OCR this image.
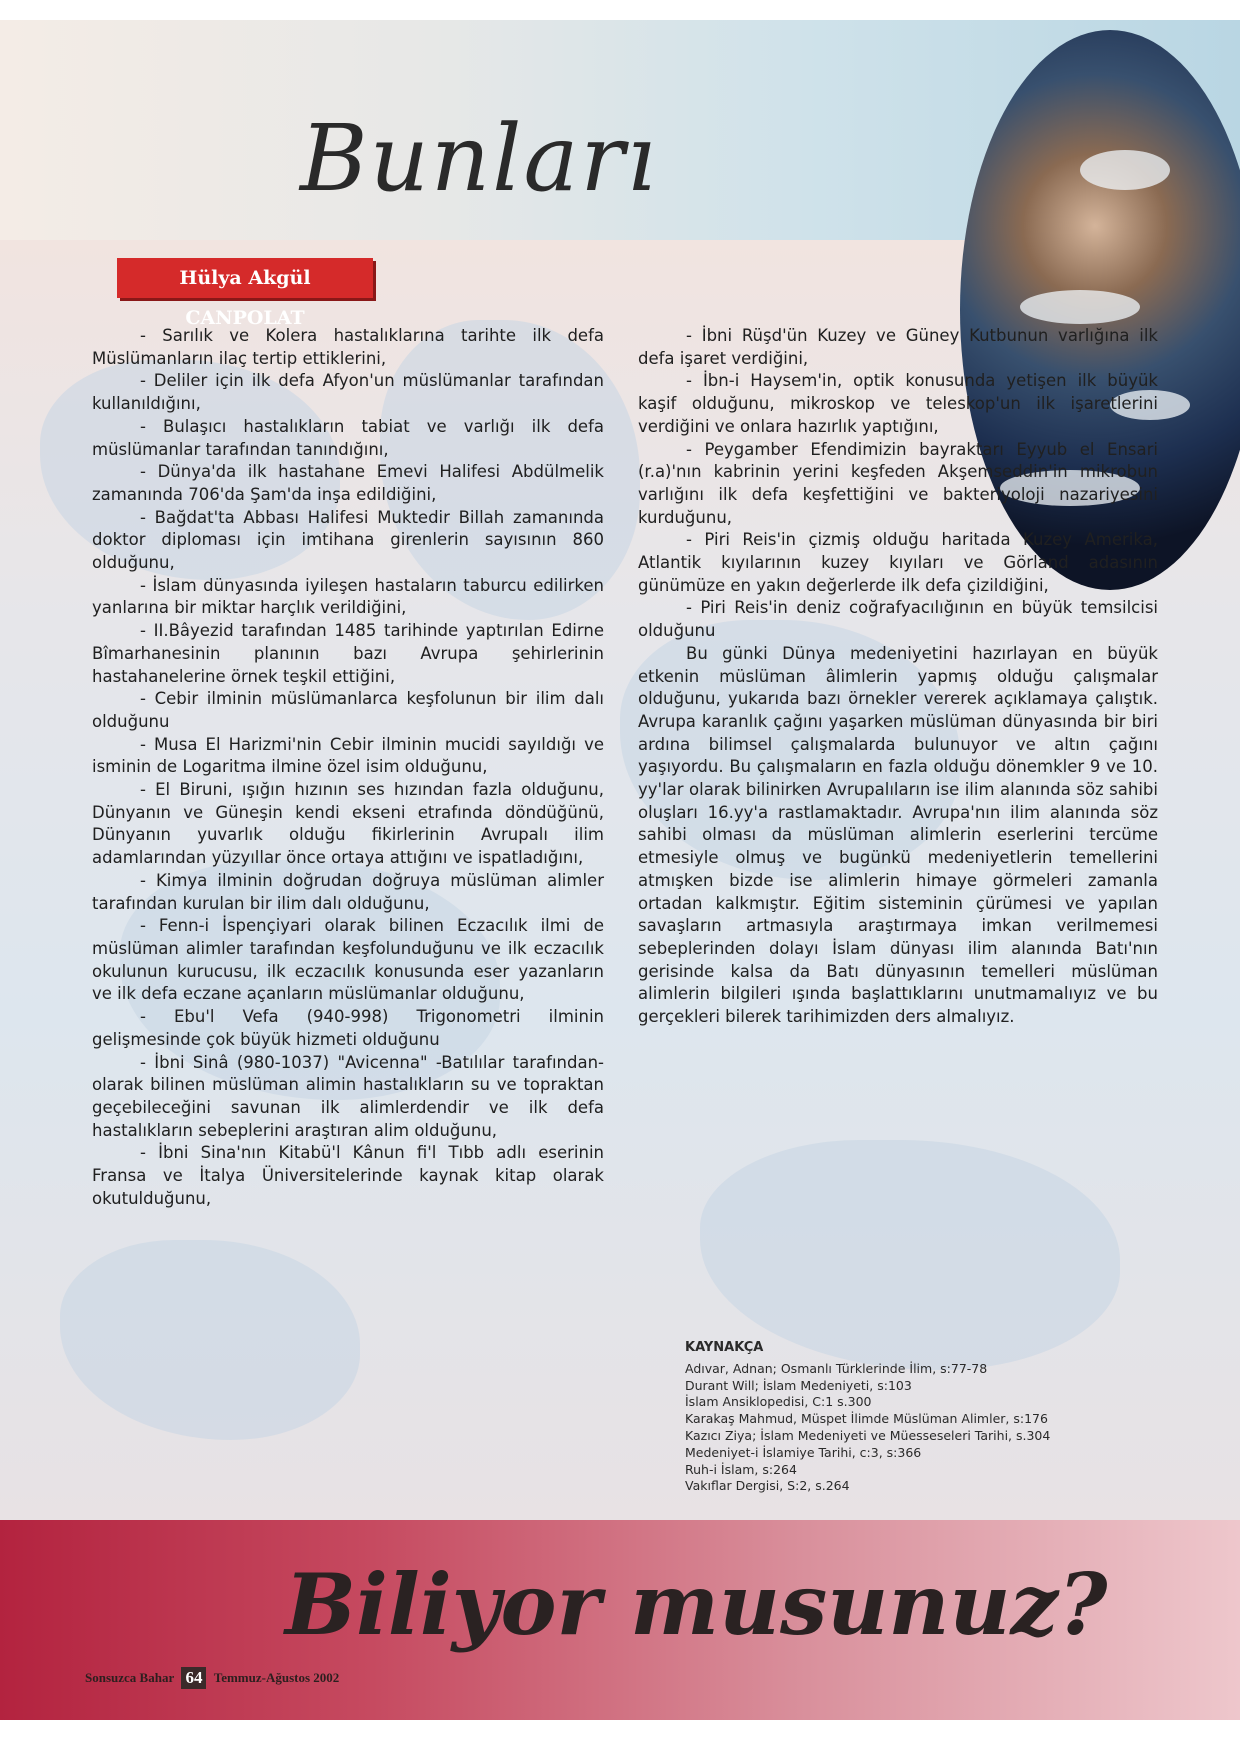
Bunları
Hülya Akgül CANPOLAT

- Sarılık ve Kolera hastalıklarına tarihte ilk defa Müslümanların ilaç tertip ettiklerini,

- Deliler için ilk defa Afyon'un müslümanlar tarafından kullanıldığını,

- Bulaşıcı hastalıkların tabiat ve varlığı ilk defa müslümanlar tarafından tanındığını,

- Dünya'da ilk hastahane Emevi Halifesi Abdülmelik zamanında 706'da Şam'da inşa edildiğini,

- Bağdat'ta Abbası Halifesi Muktedir Billah zamanında doktor diploması için imtihana girenlerin sayısının 860 olduğunu,

- İslam dünyasında iyileşen hastaların taburcu edilirken yanlarına bir miktar harçlık verildiğini,

- II.Bâyezid tarafından 1485 tarihinde yaptırılan Edirne Bîmarhanesinin planının bazı Avrupa şehirlerinin hastahanelerine örnek teşkil ettiğini,

- Cebir ilminin müslümanlarca keşfolunun bir ilim dalı olduğunu

- Musa El Harizmi'nin Cebir ilminin mucidi sayıldığı ve isminin de Logaritma ilmine özel isim olduğunu,

- El Biruni, ışığın hızının ses hızından fazla olduğunu, Dünyanın ve Güneşin kendi ekseni etrafında döndüğünü, Dünyanın yuvarlık olduğu fikirlerinin Avrupalı ilim adamlarından yüzyıllar önce ortaya attığını ve ispatladığını,

- Kimya ilminin doğrudan doğruya müslüman alimler tarafından kurulan bir ilim dalı olduğunu,

- Fenn-i İspençiyari olarak bilinen Eczacılık ilmi de müslüman alimler tarafından keşfolunduğunu ve ilk eczacılık okulunun kurucusu, ilk eczacılık konusunda eser yazanların ve ilk defa eczane açanların müslümanlar olduğunu,

- Ebu'l Vefa (940-998) Trigonometri ilminin gelişmesinde çok büyük hizmeti olduğunu

- İbni Sinâ (980-1037) "Avicenna" -Batılılar tarafından- olarak bilinen müslüman alimin hastalıkların su ve topraktan geçebileceğini savunan ilk alimlerdendir ve ilk defa hastalıkların sebeplerini araştıran alim olduğunu,

- İbni Sina'nın Kitabü'l Kânun fi'l Tıbb adlı eserinin Fransa ve İtalya Üniversitelerinde kaynak kitap olarak okutulduğunu,

- İbni Rüşd'ün Kuzey ve Güney Kutbunun varlığına ilk defa işaret verdiğini,

- İbn-i Haysem'in, optik konusunda yetişen ilk büyük kaşif olduğunu, mikroskop ve teleskop'un ilk işaretlerini verdiğini ve onlara hazırlık yaptığını,

- Peygamber Efendimizin bayraktarı Eyyub el Ensari (r.a)'nın kabrinin yerini keşfeden Akşemseddin'in mikrobun varlığını ilk defa keşfettiğini ve bakteriyoloji nazariyesini kurduğunu,

- Piri Reis'in çizmiş olduğu haritada Kuzey Amerika, Atlantik kıyılarının kuzey kıyıları ve Görland adasının günümüze en yakın değerlerde ilk defa çizildiğini,

- Piri Reis'in deniz coğrafyacılığının en büyük temsilcisi olduğunu

Bu günki Dünya medeniyetini hazırlayan en büyük etkenin müslüman âlimlerin yapmış olduğu çalışmalar olduğunu, yukarıda bazı örnekler vererek açıklamaya çalıştık. Avrupa karanlık çağını yaşarken müslüman dünyasında bir biri ardına bilimsel çalışmalarda bulunuyor ve altın çağını yaşıyordu. Bu çalışmaların en fazla olduğu dönemkler 9 ve 10. yy'lar olarak bilinirken Avrupalıların ise ilim alanında söz sahibi oluşları 16.yy'a rastlamaktadır. Avrupa'nın ilim alanında söz sahibi olması da müslüman alimlerin eserlerini tercüme etmesiyle olmuş ve bugünkü medeniyetlerin temellerini atmışken bizde ise alimlerin himaye görmeleri zamanla ortadan kalkmıştır. Eğitim sisteminin çürümesi ve yapılan savaşların artmasıyla araştırmaya imkan verilmemesi sebeplerinden dolayı İslam dünyası ilim alanında Batı'nın gerisinde kalsa da Batı dünyasının temelleri müslüman alimlerin bilgileri ışında başlattıklarını unutmamalıyız ve bu gerçekleri bilerek tarihimizden ders almalıyız.

KAYNAKÇA
Adıvar, Adnan; Osmanlı Türklerinde İlim, s:77-78
Durant Will; İslam Medeniyeti, s:103
İslam Ansiklopedisi, C:1 s.300
Karakaş Mahmud, Müspet İlimde Müslüman Alimler, s:176
Kazıcı Ziya; İslam Medeniyeti ve Müesseseleri Tarihi, s.304
Medeniyet-i İslamiye Tarihi, c:3, s:366
Ruh-i İslam, s:264
Vakıflar Dergisi, S:2, s.264
Biliyor musunuz?
Sonsuzca Bahar 64 Temmuz-Ağustos 2002
